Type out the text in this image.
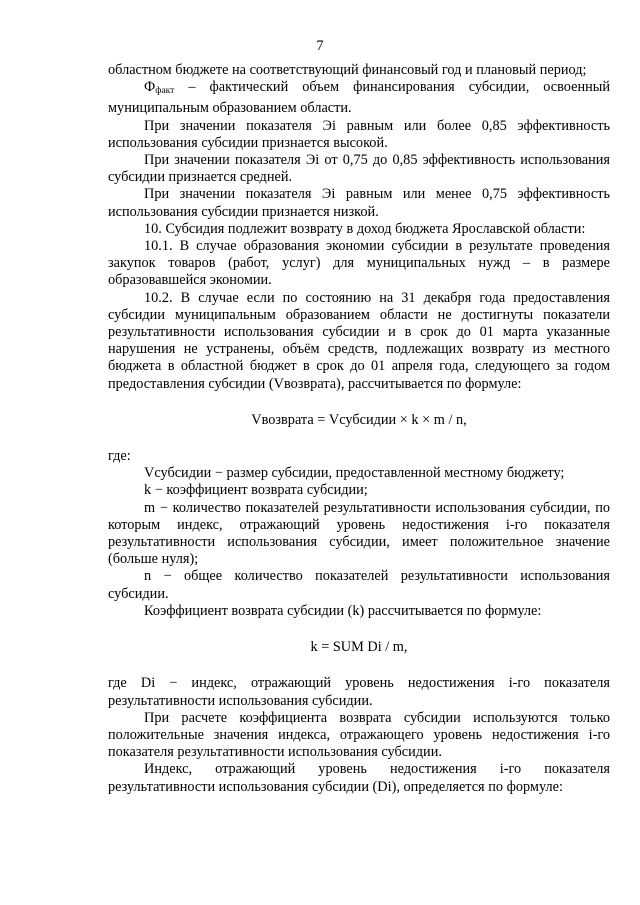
7

областном бюджете на соответствующий финансовый год и плановый период;

$Ф_{факт}$ – фактический объем финансирования субсидии, освоенный муниципальным образованием области.

При значении показателя Эi равным или более 0,85 эффективность использования субсидии признается высокой.

При значении показателя Эi от 0,75 до 0,85 эффективность использования субсидии признается средней.

При значении показателя Эi равным или менее 0,75 эффективность использования субсидии признается низкой.

10. Субсидия подлежит возврату в доход бюджета Ярославской области:

10.1. В случае образования экономии субсидии в результате проведения закупок товаров (работ, услуг) для муниципальных нужд – в размере образовавшейся экономии.

10.2. В случае если по состоянию на 31 декабря года предоставления субсидии муниципальным образованием области не достигнуты показатели результативности использования субсидии и в срок до 01 марта указанные нарушения не устранены, объём средств, подлежащих возврату из местного бюджета в областной бюджет в срок до 01 апреля года, следующего за годом предоставления субсидии (Vвозврата), рассчитывается по формуле:

Vвозврата = Vсубсидии × k × m / n,

где:

Vсубсидии − размер субсидии, предоставленной местному бюджету;

k − коэффициент возврата субсидии;

m − количество показателей результативности использования субсидии, по которым индекс, отражающий уровень недостижения i-го показателя результативности использования субсидии, имеет положительное значение (больше нуля);

n − общее количество показателей результативности использования субсидии.

Коэффициент возврата субсидии (k) рассчитывается по формуле:

k = SUM Di / m,

где Di − индекс, отражающий уровень недостижения i-го показателя результативности использования субсидии.

При расчете коэффициента возврата субсидии используются только положительные значения индекса, отражающего уровень недостижения i-го показателя результативности использования субсидии.

Индекс, отражающий уровень недостижения i-го показателя результативности использования субсидии (Di), определяется по формуле:
